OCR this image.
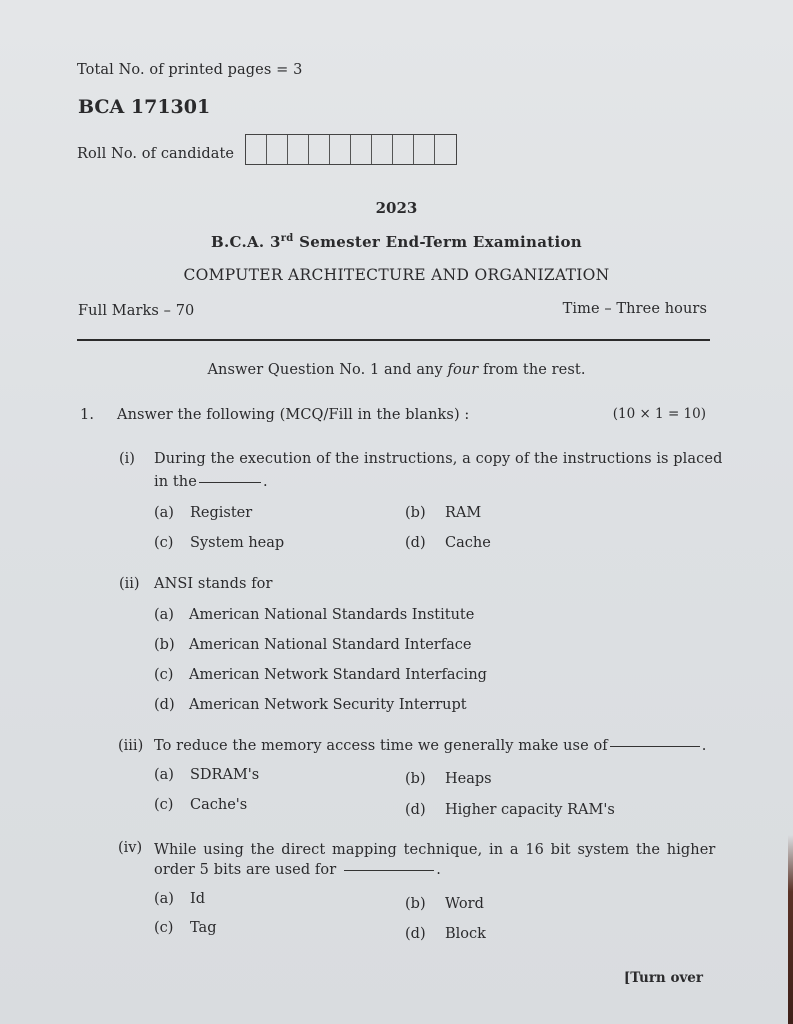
Total No. of printed pages = 3
BCA 171301
Roll No. of candidate
2023
B.C.A. 3rd Semester End-Term Examination
COMPUTER ARCHITECTURE AND ORGANIZATION
Full Marks – 70	Time – Three hours
Answer Question No. 1 and any four from the rest.
1. Answer the following (MCQ/Fill in the blanks) :	(10 × 1 = 10)
(i) During the execution of the instructions, a copy of the instructions is placed
in the	.
(a) Register	(b) RAM
(c) System heap	(d) Cache
(ii) ANSI stands for
(a) American National Standards Institute
(b) American National Standard Interface
(c) American Network Standard Interfacing
(d) American Network Security Interrupt
(iii) To reduce the memory access time we generally make use of	.
(a) SDRAM's	(b) Heaps
(c) Cache's	(d) Higher capacity RAM's
(iv) While using the direct mapping technique, in a 16 bit system the higher
order 5 bits are used for	.
(a) Id	(b) Word
(c) Tag	(d) Block
[Turn over
